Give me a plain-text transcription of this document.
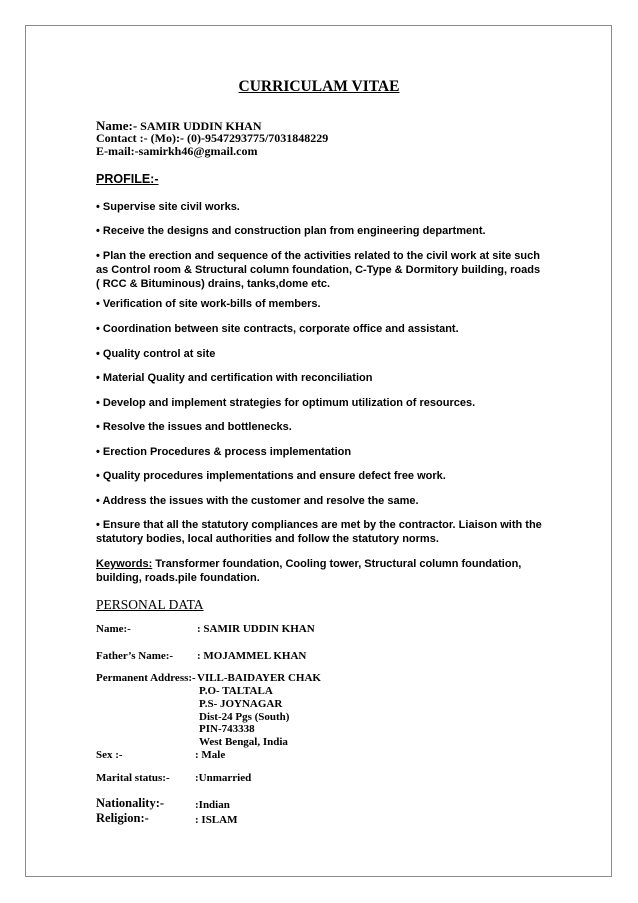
CURRICULAM VITAE
Name:- SAMIR UDDIN KHAN
Contact :- (Mo):- (0)-9547293775/7031848229
E-mail:-samirkh46@gmail.com
PROFILE:-
• Supervise site civil works.
• Receive the designs and construction plan from engineering department.
• Plan the erection and sequence of the activities related to the civil work at site such
as Control room & Structural column foundation, C-Type & Dormitory building, roads
( RCC & Bituminous) drains, tanks,dome etc.
• Verification of site work-bills of members.
• Coordination between site contracts, corporate office and assistant.
• Quality control at site
• Material Quality and certification with reconciliation
• Develop and implement strategies for optimum utilization of resources.
• Resolve the issues and bottlenecks.
• Erection Procedures & process implementation
• Quality procedures implementations and ensure defect free work.
• Address the issues with the customer and resolve the same.
• Ensure that all the statutory compliances are met by the contractor. Liaison with the
statutory bodies, local authorities and follow the statutory norms.
Keywords: Transformer foundation, Cooling tower, Structural column foundation,
building, roads.pile foundation.
PERSONAL DATA
Name:-	: SAMIR UDDIN KHAN
Father’s Name:- : MOJAMMEL KHAN
Permanent Address:- VILL-BAIDAYER CHAK
P.O- TALTALA
P.S- JOYNAGAR
Dist-24 Pgs (South)
PIN-743338
West Bengal, India
Sex :-	: Male
Marital status:- :Unmarried
Nationality:-	:Indian
Religion:-	: ISLAM
